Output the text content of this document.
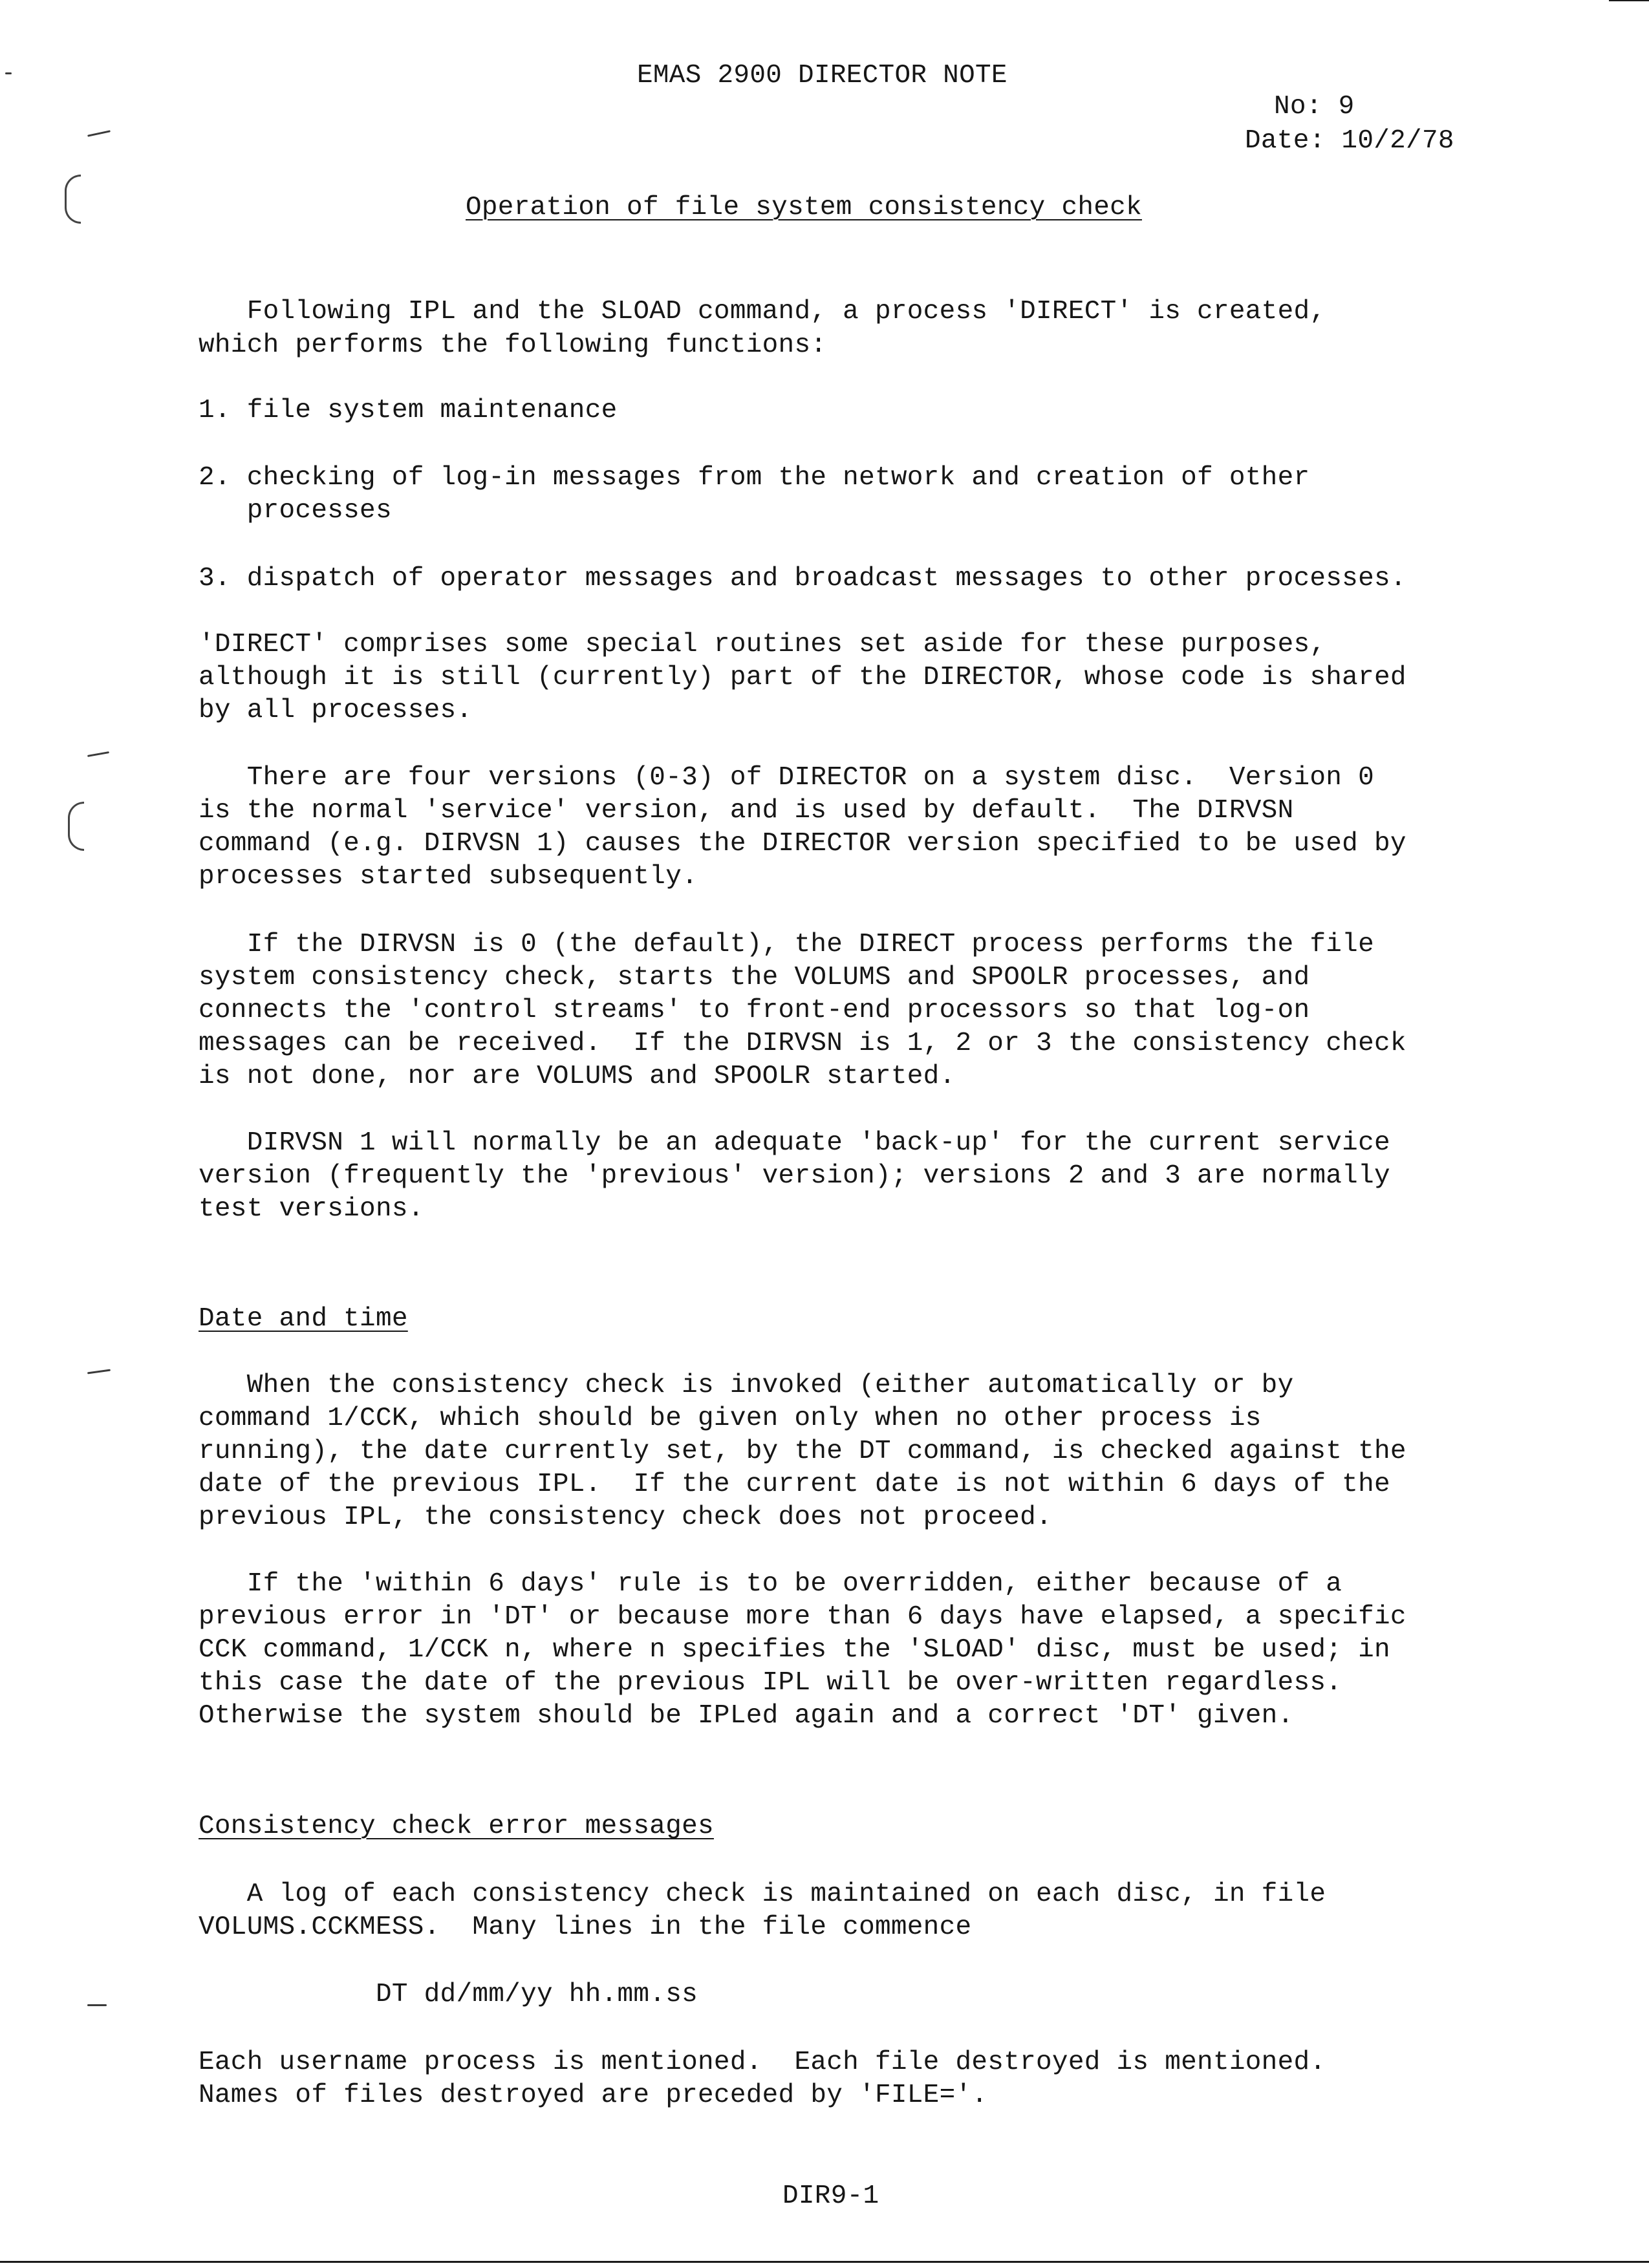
EMAS 2900 DIRECTOR NOTE
No: 9
Date: 10/2/78
Operation of file system consistency check
Following IPL and the SLOAD command, a process 'DIRECT' is created,
which performs the following functions:
1. file system maintenance
2. checking of log-in messages from the network and creation of other
processes
3. dispatch of operator messages and broadcast messages to other processes.
'DIRECT' comprises some special routines set aside for these purposes,
although it is still (currently) part of the DIRECTOR, whose code is shared
by all processes.
There are four versions (0-3) of DIRECTOR on a system disc.  Version 0
is the normal 'service' version, and is used by default.  The DIRVSN
command (e.g. DIRVSN 1) causes the DIRECTOR version specified to be used by
processes started subsequently.
If the DIRVSN is 0 (the default), the DIRECT process performs the file
system consistency check, starts the VOLUMS and SPOOLR processes, and
connects the 'control streams' to front-end processors so that log-on
messages can be received.  If the DIRVSN is 1, 2 or 3 the consistency check
is not done, nor are VOLUMS and SPOOLR started.
DIRVSN 1 will normally be an adequate 'back-up' for the current service
version (frequently the 'previous' version); versions 2 and 3 are normally
test versions.
Date and time
When the consistency check is invoked (either automatically or by
command 1/CCK, which should be given only when no other process is
running), the date currently set, by the DT command, is checked against the
date of the previous IPL.  If the current date is not within 6 days of the
previous IPL, the consistency check does not proceed.
If the 'within 6 days' rule is to be overridden, either because of a
previous error in 'DT' or because more than 6 days have elapsed, a specific
CCK command, 1/CCK n, where n specifies the 'SLOAD' disc, must be used; in
this case the date of the previous IPL will be over-written regardless.
Otherwise the system should be IPLed again and a correct 'DT' given.
Consistency check error messages
A log of each consistency check is maintained on each disc, in file
VOLUMS.CCKMESS.  Many lines in the file commence
DT dd/mm/yy hh.mm.ss
Each username process is mentioned.  Each file destroyed is mentioned.
Names of files destroyed are preceded by 'FILE='.
DIR9-1
